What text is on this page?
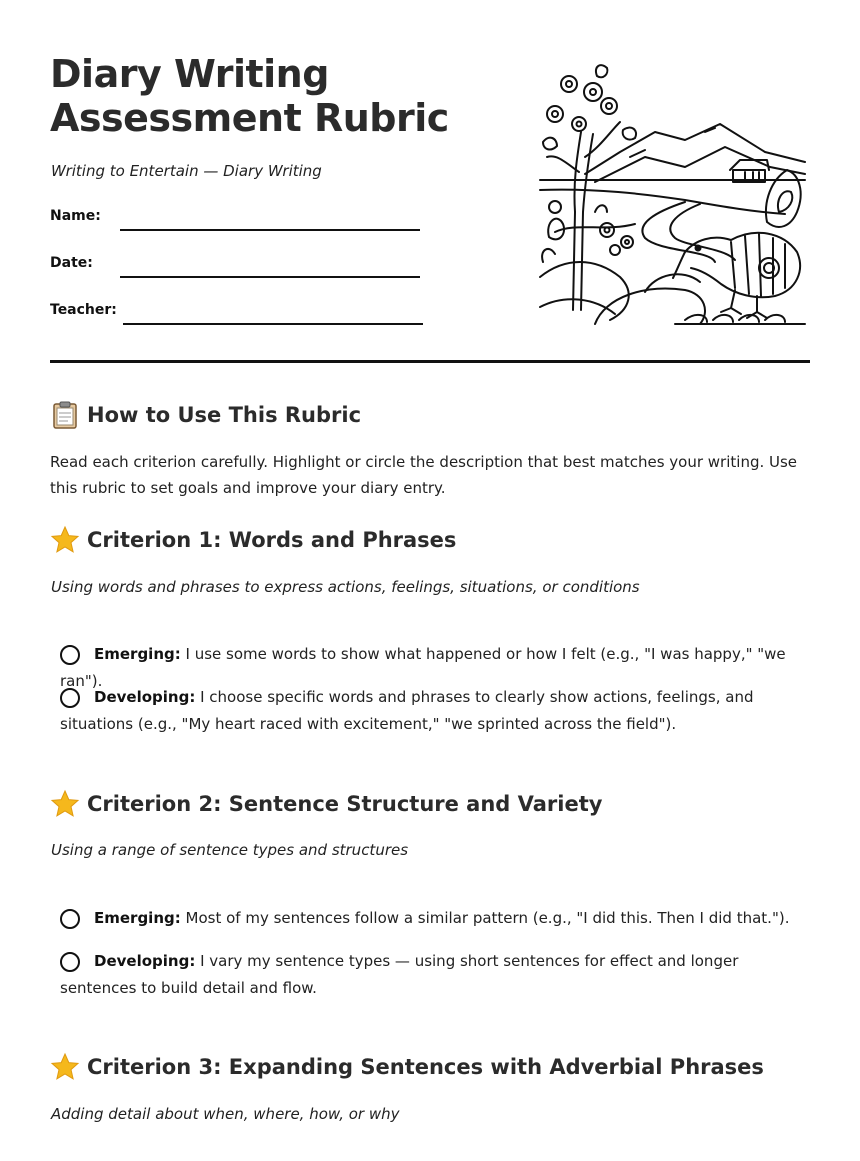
Diary Writing
Assessment Rubric
Writing to Entertain — Diary Writing
Name:
Date:
Teacher:
How to Use This Rubric

Read each criterion carefully. Highlight or circle the description that best matches your writing. Use this rubric to set goals and improve your diary entry.

Criterion 1: Words and Phrases

Using words and phrases to express actions, feelings, situations, or conditions

Emerging: I use some words to show what happened or how I felt (e.g., "I was happy," "we ran").
Developing: I choose specific words and phrases to clearly show actions, feelings, and situations (e.g., "My heart raced with excitement," "we sprinted across the field").
Criterion 2: Sentence Structure and Variety

Using a range of sentence types and structures

Emerging: Most of my sentences follow a similar pattern (e.g., "I did this. Then I did that.").
Developing: I vary my sentence types — using short sentences for effect and longer sentences to build detail and flow.
Criterion 3: Expanding Sentences with Adverbial Phrases

Adding detail about when, where, how, or why
